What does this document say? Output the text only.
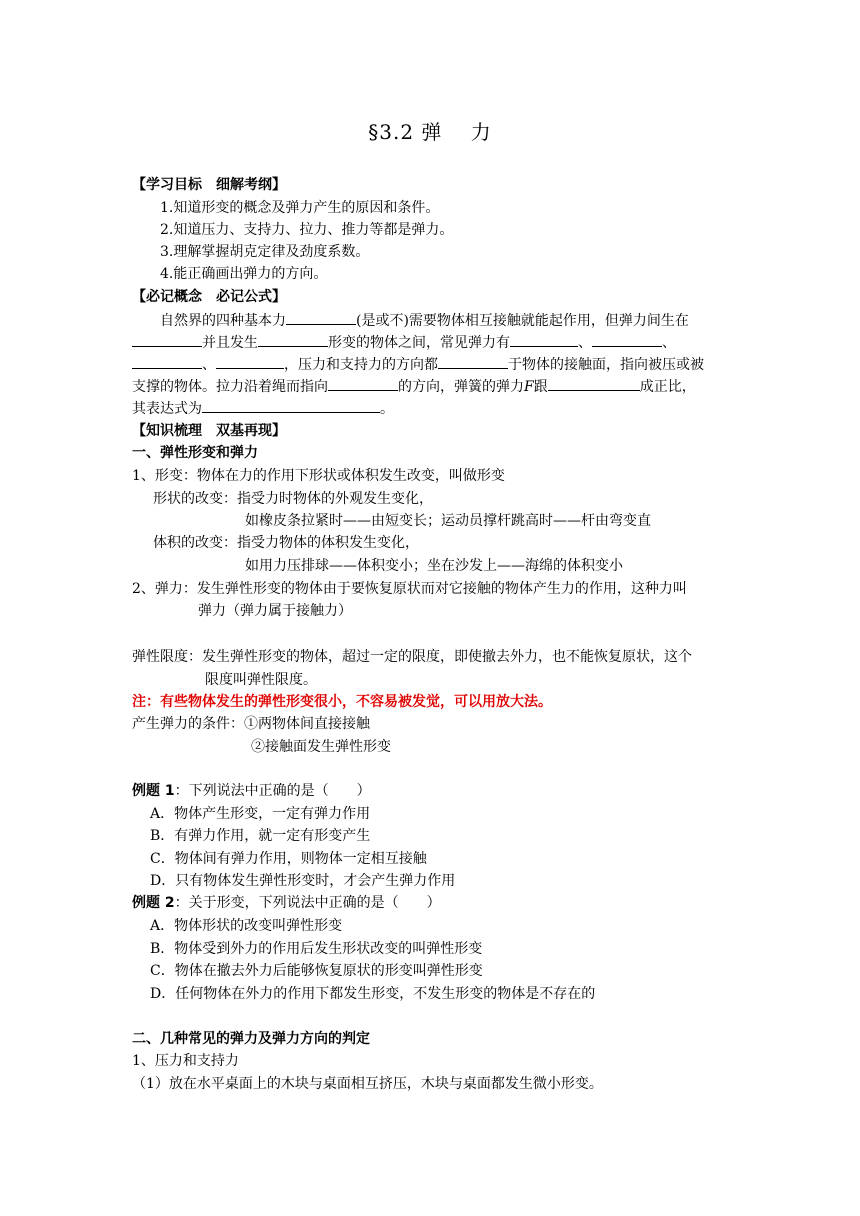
§3.2 弹　 力
【学习目标　细解考纲】
1.知道形变的概念及弹力产生的原因和条件。
2.知道压力、支持力、拉力、推力等都是弹力。
3.理解掌握胡克定律及劲度系数。
4.能正确画出弹力的方向。
【必记概念　必记公式】
自然界的四种基本力	(是或不)需要物体相互接触就能起作用，但弹力间生在
并且发生	形变的物体之间，常见弹力有	、	、
、	，压力和支持力的方向都	于物体的接触面，指向被压或被
支撑的物体。拉力沿着绳而指向	的方向，弹簧的弹力F跟	成正比，
其表达式为	。
【知识梳理　双基再现】
一、弹性形变和弹力
1、形变：物体在力的作用下形状或体积发生改变，叫做形变
形状的改变：指受力时物体的外观发生变化，
如橡皮条拉紧时——由短变长；运动员撑杆跳高时——杆由弯变直
体积的改变：指受力物体的体积发生变化，
如用力压排球——体积变小；坐在沙发上——海绵的体积变小
2、弹力：发生弹性形变的物体由于要恢复原状而对它接触的物体产生力的作用，这种力叫
弹力（弹力属于接触力）
弹性限度：发生弹性形变的物体，超过一定的限度，即使撤去外力，也不能恢复原状，这个
限度叫弹性限度。
注：有些物体发生的弹性形变很小，不容易被发觉，可以用放大法。
产生弹力的条件：①两物体间直接接触
②接触面发生弹性形变
例题 1：下列说法中正确的是（　　）
A．物体产生形变，一定有弹力作用
B．有弹力作用，就一定有形变产生
C．物体间有弹力作用，则物体一定相互接触
D．只有物体发生弹性形变时，才会产生弹力作用
例题 2：关于形变，下列说法中正确的是（　　）
A．物体形状的改变叫弹性形变
B．物体受到外力的作用后发生形状改变的叫弹性形变
C．物体在撤去外力后能够恢复原状的形变叫弹性形变
D．任何物体在外力的作用下都发生形变，不发生形变的物体是不存在的
二、几种常见的弹力及弹力方向的判定
1、压力和支持力
（1）放在水平桌面上的木块与桌面相互挤压，木块与桌面都发生微小形变。
